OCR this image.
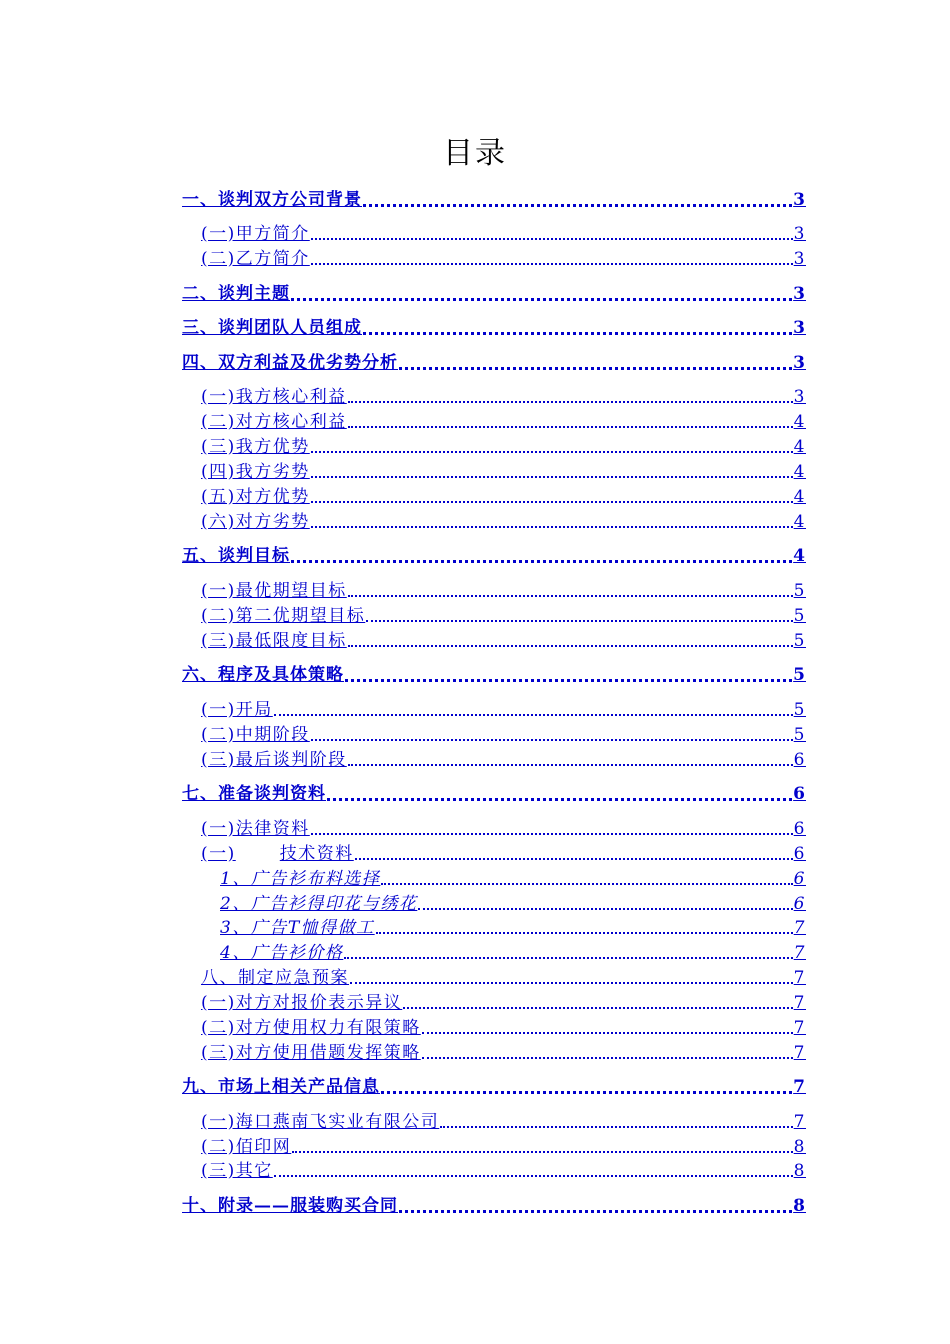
目录
一、谈判双方公司背景	3
(一)甲方简介	3
(二)乙方简介	3
二、谈判主题	3
三、谈判团队人员组成	3
四、双方利益及优劣势分析	3
(一)我方核心利益	3
(二)对方核心利益	4
(三)我方优势	4
(四)我方劣势	4
(五)对方优势	4
(六)对方劣势	4
五、谈判目标	4
(一)最优期望目标	5
(二)第二优期望目标	5
(三)最低限度目标	5
六、程序及具体策略	5
(一)开局	5
(二)中期阶段	5
(三)最后谈判阶段	6
七、准备谈判资料	6
(一)法律资料	6
(一)	技术资料	6
1、广告衫布料选择	6
2、广告衫得印花与绣花	6
3、广告T恤得做工	7
4、广告衫价格	7
八、制定应急预案	7
(一)对方对报价表示异议	7
(二)对方使用权力有限策略	7
(三)对方使用借题发挥策略	7
九、市场上相关产品信息	7
(一)海口燕南飞实业有限公司	7
(二)佰印网	8
(三)其它	8
十、附录——服装购买合同	8
